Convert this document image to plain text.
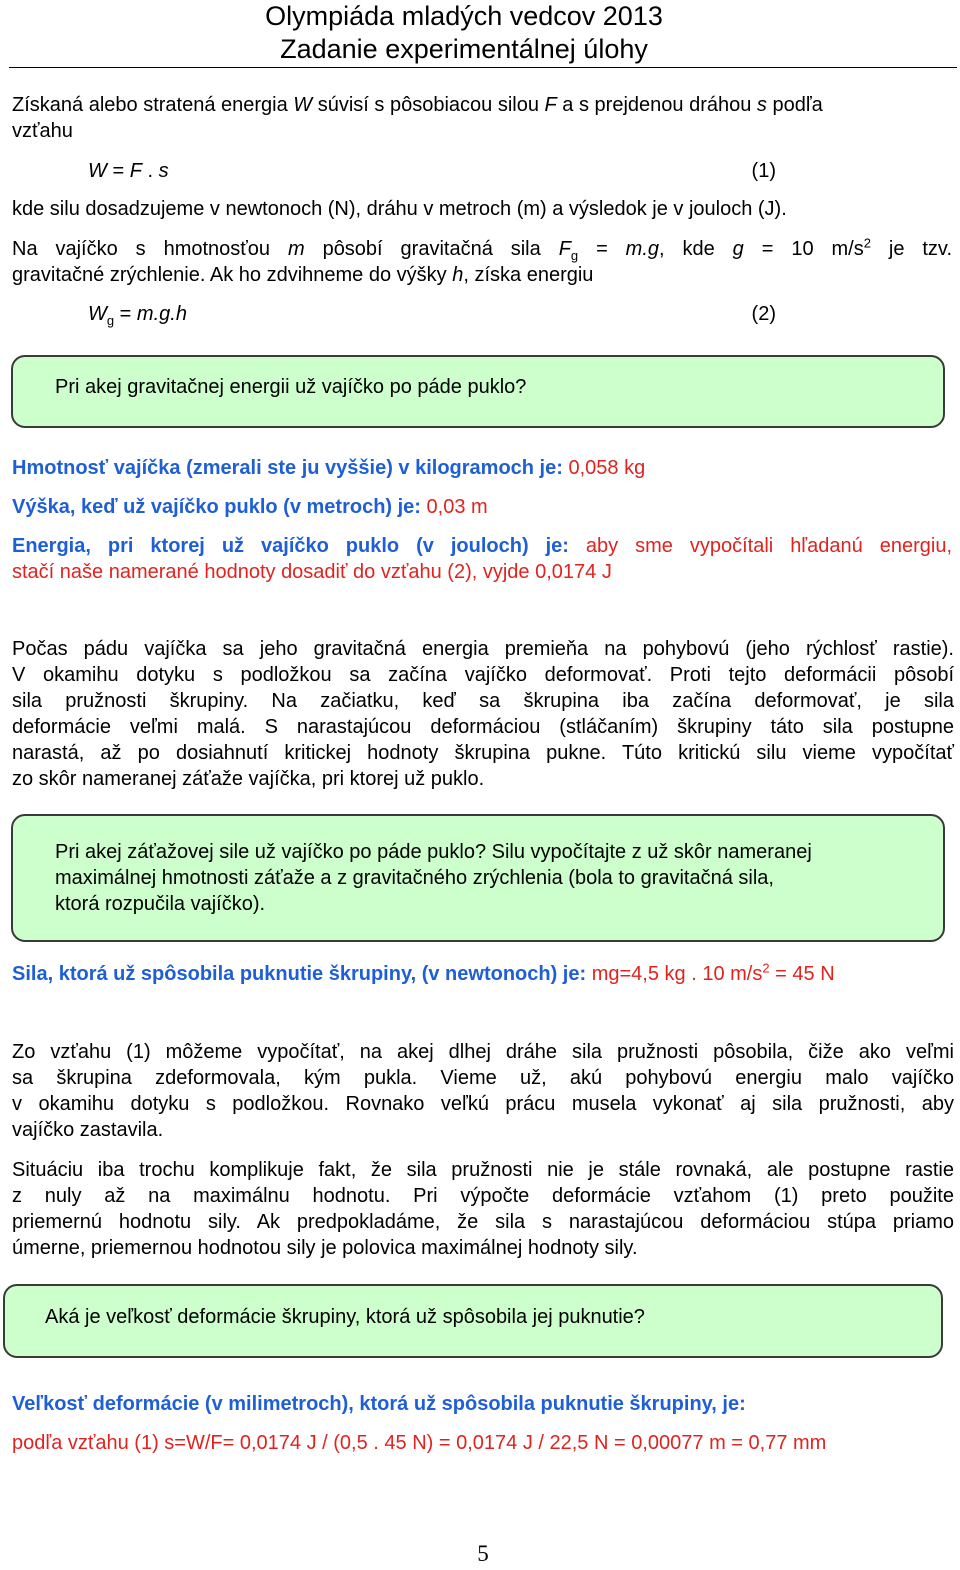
Olympiáda mladých vedcov 2013
Zadanie experimentálnej úlohy
Získaná alebo stratená energia W súvisí s pôsobiacou silou F a s prejdenou dráhou s podľa
vzťahu
W = F . s	(1)
kde silu dosadzujeme v newtonoch (N), dráhu v metroch (m) a výsledok je v jouloch (J).
Na vajíčko s hmotnosťou m pôsobí gravitačná sila $F_g = m.g$, kde g = 10 $m/s^2$ je tzv.
gravitačné zrýchlenie. Ak ho zdvihneme do výšky h, získa energiu
$W_g = m.g.h$	(2)
Pri akej gravitačnej energii už vajíčko po páde puklo?
Hmotnosť vajíčka (zmerali ste ju vyššie) v kilogramoch je: 0,058 kg
Výška, keď už vajíčko puklo (v metroch) je: 0,03 m
Energia, pri ktorej už vajíčko puklo (v jouloch) je: aby sme vypočítali hľadanú energiu,
stačí naše namerané hodnoty dosadiť do vzťahu (2), vyjde 0,0174 J
Počas pádu vajíčka sa jeho gravitačná energia premieňa na pohybovú (jeho rýchlosť rastie).
V okamihu dotyku s podložkou sa začína vajíčko deformovať. Proti tejto deformácii pôsobí
sila pružnosti škrupiny. Na začiatku, keď sa škrupina iba začína deformovať, je sila
deformácie veľmi malá. S narastajúcou deformáciou (stláčaním) škrupiny táto sila postupne
narastá, až po dosiahnutí kritickej hodnoty škrupina pukne. Túto kritickú silu vieme vypočítať
zo skôr nameranej záťaže vajíčka, pri ktorej už puklo.
Pri akej záťažovej sile už vajíčko po páde puklo? Silu vypočítajte z už skôr nameranej
maximálnej hmotnosti záťaže a z gravitačného zrýchlenia (bola to gravitačná sila,
ktorá rozpučila vajíčko).
Sila, ktorá už spôsobila puknutie škrupiny, (v newtonoch) je: mg=4,5 kg . 10 $m/s^2 = 45$ N
Zo vzťahu (1) môžeme vypočítať, na akej dlhej dráhe sila pružnosti pôsobila, čiže ako veľmi
sa škrupina zdeformovala, kým pukla. Vieme už, akú pohybovú energiu malo vajíčko
v okamihu dotyku s podložkou. Rovnako veľkú prácu musela vykonať aj sila pružnosti, aby
vajíčko zastavila.
Situáciu iba trochu komplikuje fakt, že sila pružnosti nie je stále rovnaká, ale postupne rastie
z nuly až na maximálnu hodnotu. Pri výpočte deformácie vzťahom (1) preto použite
priemernú hodnotu sily. Ak predpokladáme, že sila s narastajúcou deformáciou stúpa priamo
úmerne, priemernou hodnotou sily je polovica maximálnej hodnoty sily.
Aká je veľkosť deformácie škrupiny, ktorá už spôsobila jej puknutie?
Veľkosť deformácie (v milimetroch), ktorá už spôsobila puknutie škrupiny, je:
podľa vzťahu (1) s=W/F= 0,0174 J / (0,5 . 45 N) = 0,0174 J / 22,5 N = 0,00077 m = 0,77 mm
5
